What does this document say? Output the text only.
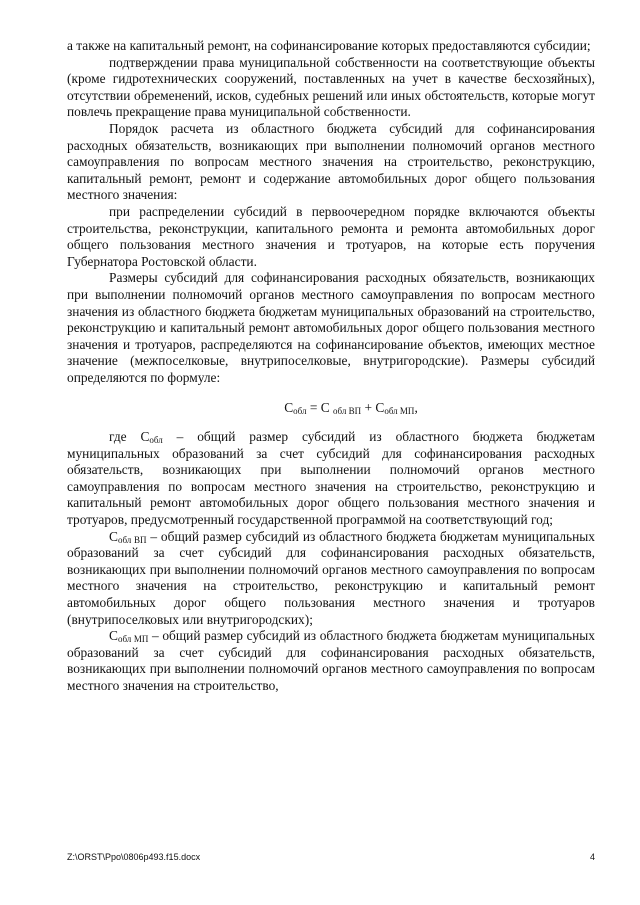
а также на капитальный ремонт, на софинансирование которых предоставляются субсидии;

подтверждении права муниципальной собственности на соответствующие объекты (кроме гидротехнических сооружений, поставленных на учет в качестве бесхозяйных), отсутствии обременений, исков, судебных решений или иных обстоятельств, которые могут повлечь прекращение права муниципальной собственности.

Порядок расчета из областного бюджета субсидий для софинансирования расходных обязательств, возникающих при выполнении полномочий органов местного самоуправления по вопросам местного значения на строительство, реконструкцию, капитальный ремонт, ремонт и содержание автомобильных дорог общего пользования местного значения:

при распределении субсидий в первоочередном порядке включаются объекты строительства, реконструкции, капитального ремонта и ремонта автомобильных дорог общего пользования местного значения и тротуаров, на которые есть поручения Губернатора Ростовской области.

Размеры субсидий для софинансирования расходных обязательств, возникающих при выполнении полномочий органов местного самоуправления по вопросам местного значения из областного бюджета бюджетам муниципальных образований на строительство, реконструкцию и капитальный ремонт автомобильных дорог общего пользования местного значения и тротуаров, распределяются на софинансирование объектов, имеющих местное значение (межпоселковые, внутрипоселковые, внутригородские). Размеры субсидий определяются по формуле:

$С_{обл} = С$ $_{обл ВП} + С_{обл МП}$,

где $С_{обл}$ – общий размер субсидий из областного бюджета бюджетам муниципальных образований за счет субсидий для софинансирования расходных обязательств, возникающих при выполнении полномочий органов местного самоуправления по вопросам местного значения на строительство, реконструкцию и капитальный ремонт автомобильных дорог общего пользования местного значения и тротуаров, предусмотренный государственной программой на соответствующий год;

$С_{обл ВП}$ – общий размер субсидий из областного бюджета бюджетам муниципальных образований за счет субсидий для софинансирования расходных обязательств, возникающих при выполнении полномочий органов местного самоуправления по вопросам местного значения на строительство, реконструкцию и капитальный ремонт автомобильных дорог общего пользования местного значения и тротуаров (внутрипоселковых или внутригородских);

$С_{обл МП}$ – общий размер субсидий из областного бюджета бюджетам муниципальных образований за счет субсидий для софинансирования расходных обязательств, возникающих при выполнении полномочий органов местного самоуправления по вопросам местного значения на строительство,

Z:\ORST\Ppo\0806p493.f15.docx	4
